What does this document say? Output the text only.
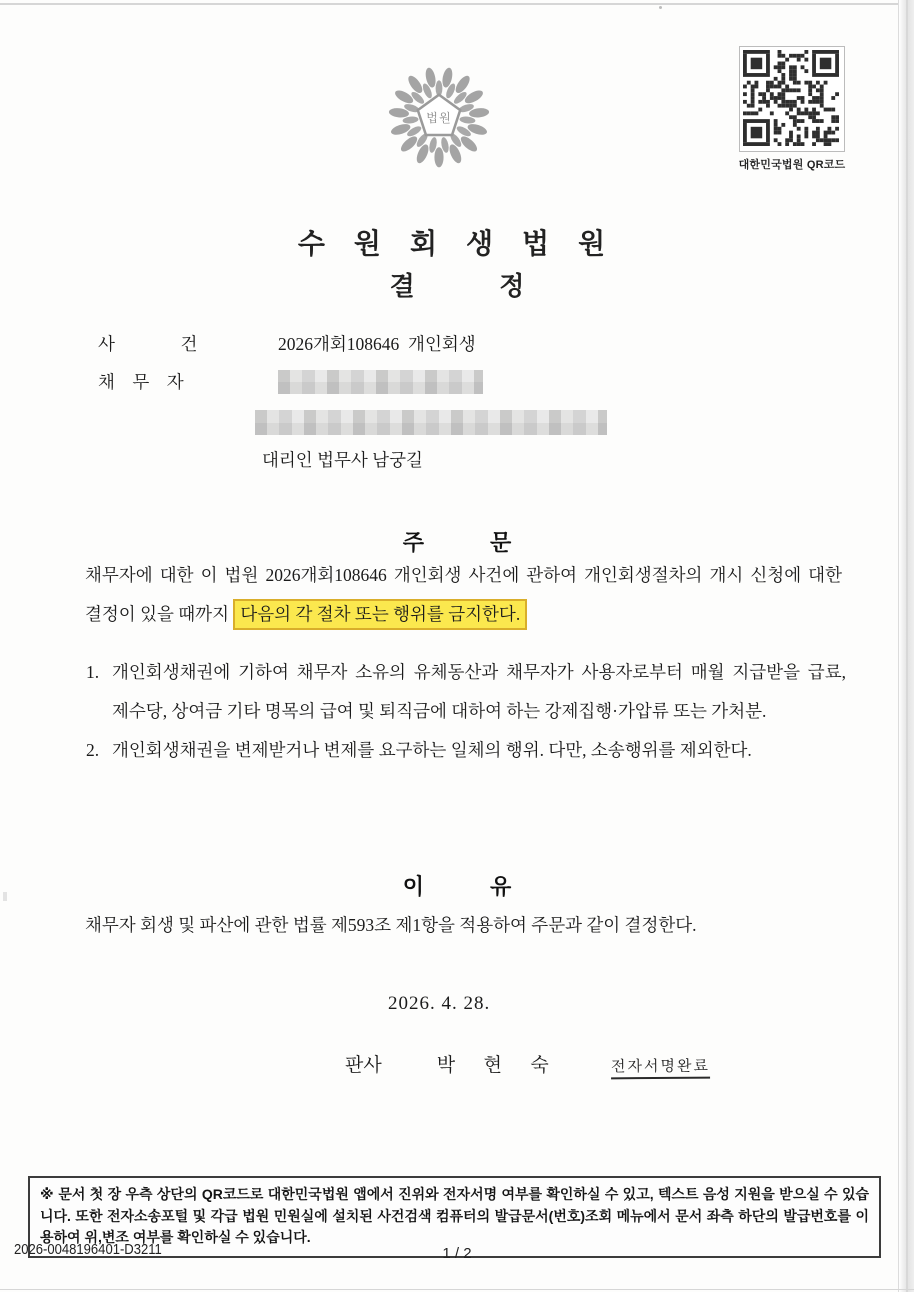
법원
대한민국법원 QR코드
수 원 회 생 법 원
결             정
사               건	2026개회108646  개인회생
채    무    자
대리인 법무사 남궁길
주            문
채무자에 대한 이 법원 2026개회108646 개인회생 사건에 관하여 개인회생절차의 개시 신청에 대한 결정이 있을 때까지 다음의 각 절차 또는 행위를 금지한다.
1. 개인회생채권에 기하여 채무자 소유의 유체동산과 채무자가 사용자로부터 매월 지급받을 급료, 제수당, 상여금 기타 명목의 급여 및 퇴직금에 대하여 하는 강제집행·가압류 또는 가처분.
2. 개인회생채권을 변제받거나 변제를 요구하는 일체의 행위. 다만, 소송행위를 제외한다.
이            유
채무자 회생 및 파산에 관한 법률 제593조 제1항을 적용하여 주문과 같이 결정한다.
2026. 4. 28.
판사	박      현      숙	전자서명완료
※ 문서 첫 장 우측 상단의 QR코드로 대한민국법원 앱에서 진위와 전자서명 여부를 확인하실 수 있고, 텍스트 음성 지원을 받으실 수 있습니다. 또한 전자소송포털 및 각급 법원 민원실에 설치된 사건검색 컴퓨터의 발급문서(번호)조회 메뉴에서 문서 좌측 하단의 발급번호를 이용하여 위,변조 여부를 확인하실 수 있습니다.
2026-0048196401-D3211	1 / 2
